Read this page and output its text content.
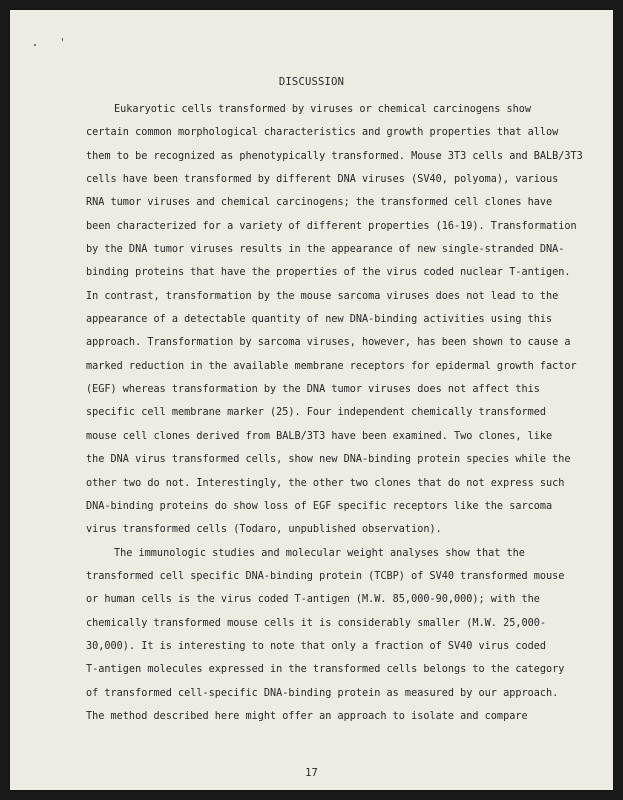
DISCUSSION
Eukaryotic cells transformed by viruses or chemical carcinogens show
certain common morphological characteristics and growth properties that allow
them to be recognized as phenotypically transformed. Mouse 3T3 cells and BALB/3T3
cells have been transformed by different DNA viruses (SV40, polyoma), various
RNA tumor viruses and chemical carcinogens; the transformed cell clones have
been characterized for a variety of different properties (16-19). Transformation
by the DNA tumor viruses results in the appearance of new single-stranded DNA-
binding proteins that have the properties of the virus coded nuclear T-antigen.
In contrast, transformation by the mouse sarcoma viruses does not lead to the
appearance of a detectable quantity of new DNA-binding activities using this
approach. Transformation by sarcoma viruses, however, has been shown to cause a
marked reduction in the available membrane receptors for epidermal growth factor
(EGF) whereas transformation by the DNA tumor viruses does not affect this
specific cell membrane marker (25). Four independent chemically transformed
mouse cell clones derived from BALB/3T3 have been examined. Two clones, like
the DNA virus transformed cells, show new DNA-binding protein species while the
other two do not. Interestingly, the other two clones that do not express such
DNA-binding proteins do show loss of EGF specific receptors like the sarcoma
virus transformed cells (Todaro, unpublished observation).
The immunologic studies and molecular weight analyses show that the
transformed cell specific DNA-binding protein (TCBP) of SV40 transformed mouse
or human cells is the virus coded T-antigen (M.W. 85,000-90,000); with the
chemically transformed mouse cells it is considerably smaller (M.W. 25,000-
30,000). It is interesting to note that only a fraction of SV40 virus coded
T-antigen molecules expressed in the transformed cells belongs to the category
of transformed cell-specific DNA-binding protein as measured by our approach.
The method described here might offer an approach to isolate and compare
17
